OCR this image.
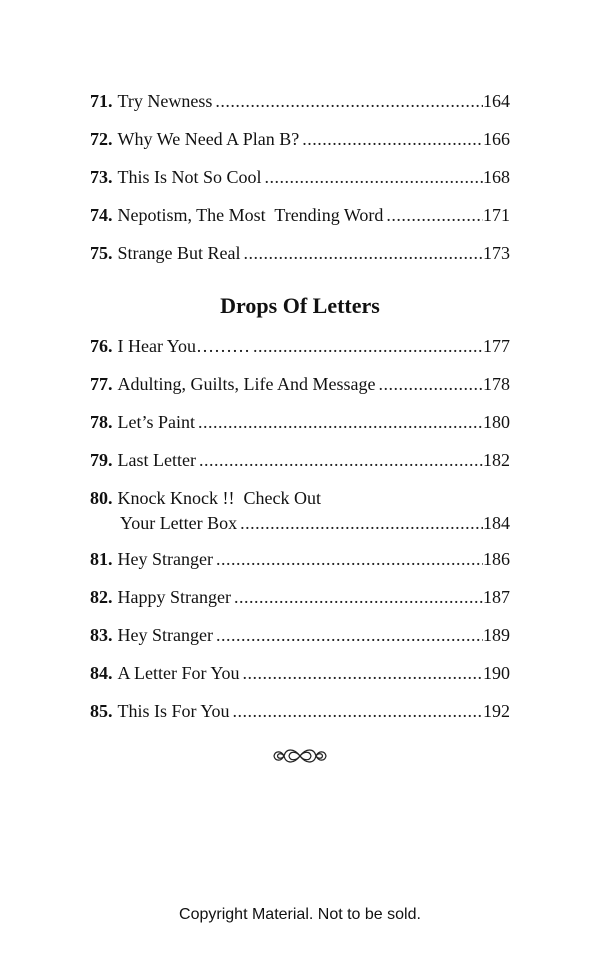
71. Try Newness .....	164
72. Why We Need A Plan B? .....	166
73. This Is Not So Cool .....	168
74. Nepotism, The Most  Trending Word .....	171
75. Strange But Real .....	173
Drops Of Letters
76. I Hear You……… .....	177
77. Adulting, Guilts, Life And Message .....	178
78. Let’s Paint .....	180
79. Last Letter .....	182
80. Knock Knock !!  Check Out
Your Letter Box .....	184
81. Hey Stranger .....	186
82. Happy Stranger .....	187
83. Hey Stranger .....	189
84. A Letter For You .....	190
85. This Is For You .....	192
Copyright Material. Not to be sold.
